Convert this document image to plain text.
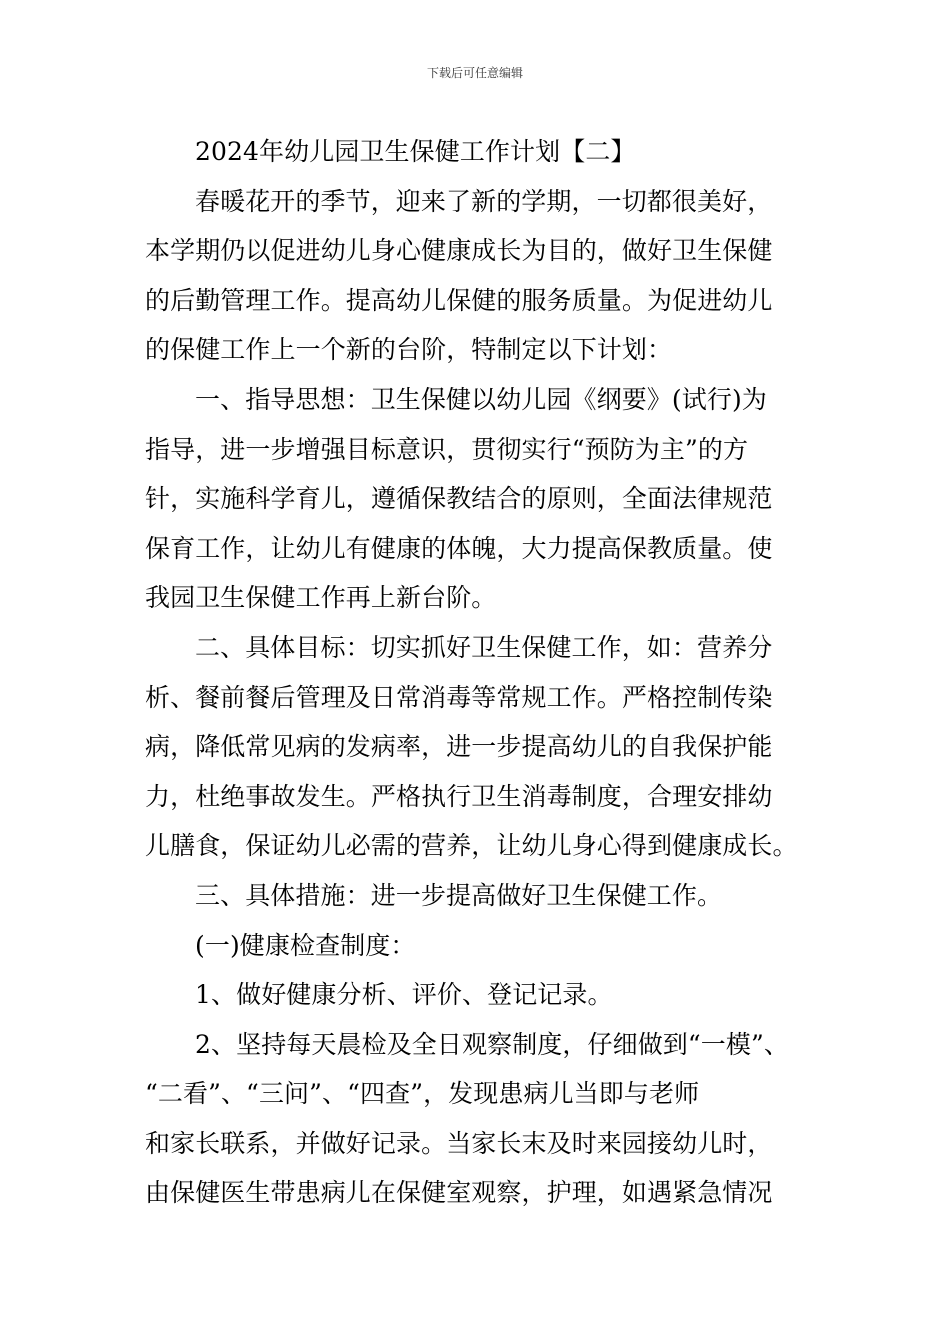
下载后可任意编辑
2024年幼儿园卫生保健工作计划【二】
春暖花开的季节，迎来了新的学期，一切都很美好，
本学期仍以促进幼儿身心健康成长为目的，做好卫生保健
的后勤管理工作。提高幼儿保健的服务质量。为促进幼儿
的保健工作上一个新的台阶，特制定以下计划：
一、指导思想：卫生保健以幼儿园《纲要》(试行)为
指导，进一步增强目标意识，贯彻实行“预防为主”的方
针，实施科学育儿，遵循保教结合的原则，全面法律规范
保育工作，让幼儿有健康的体魄，大力提高保教质量。使
我园卫生保健工作再上新台阶。
二、具体目标：切实抓好卫生保健工作，如：营养分
析、餐前餐后管理及日常消毒等常规工作。严格控制传染
病，降低常见病的发病率，进一步提高幼儿的自我保护能
力，杜绝事故发生。严格执行卫生消毒制度，合理安排幼
儿膳食，保证幼儿必需的营养，让幼儿身心得到健康成长。
三、具体措施：进一步提高做好卫生保健工作。
(一)健康检查制度：
1、做好健康分析、评价、登记记录。
2、坚持每天晨检及全日观察制度，仔细做到“一模”、
“二看”、“三问”、“四查”，发现患病儿当即与老师
和家长联系，并做好记录。当家长末及时来园接幼儿时，
由保健医生带患病儿在保健室观察，护理，如遇紧急情况
